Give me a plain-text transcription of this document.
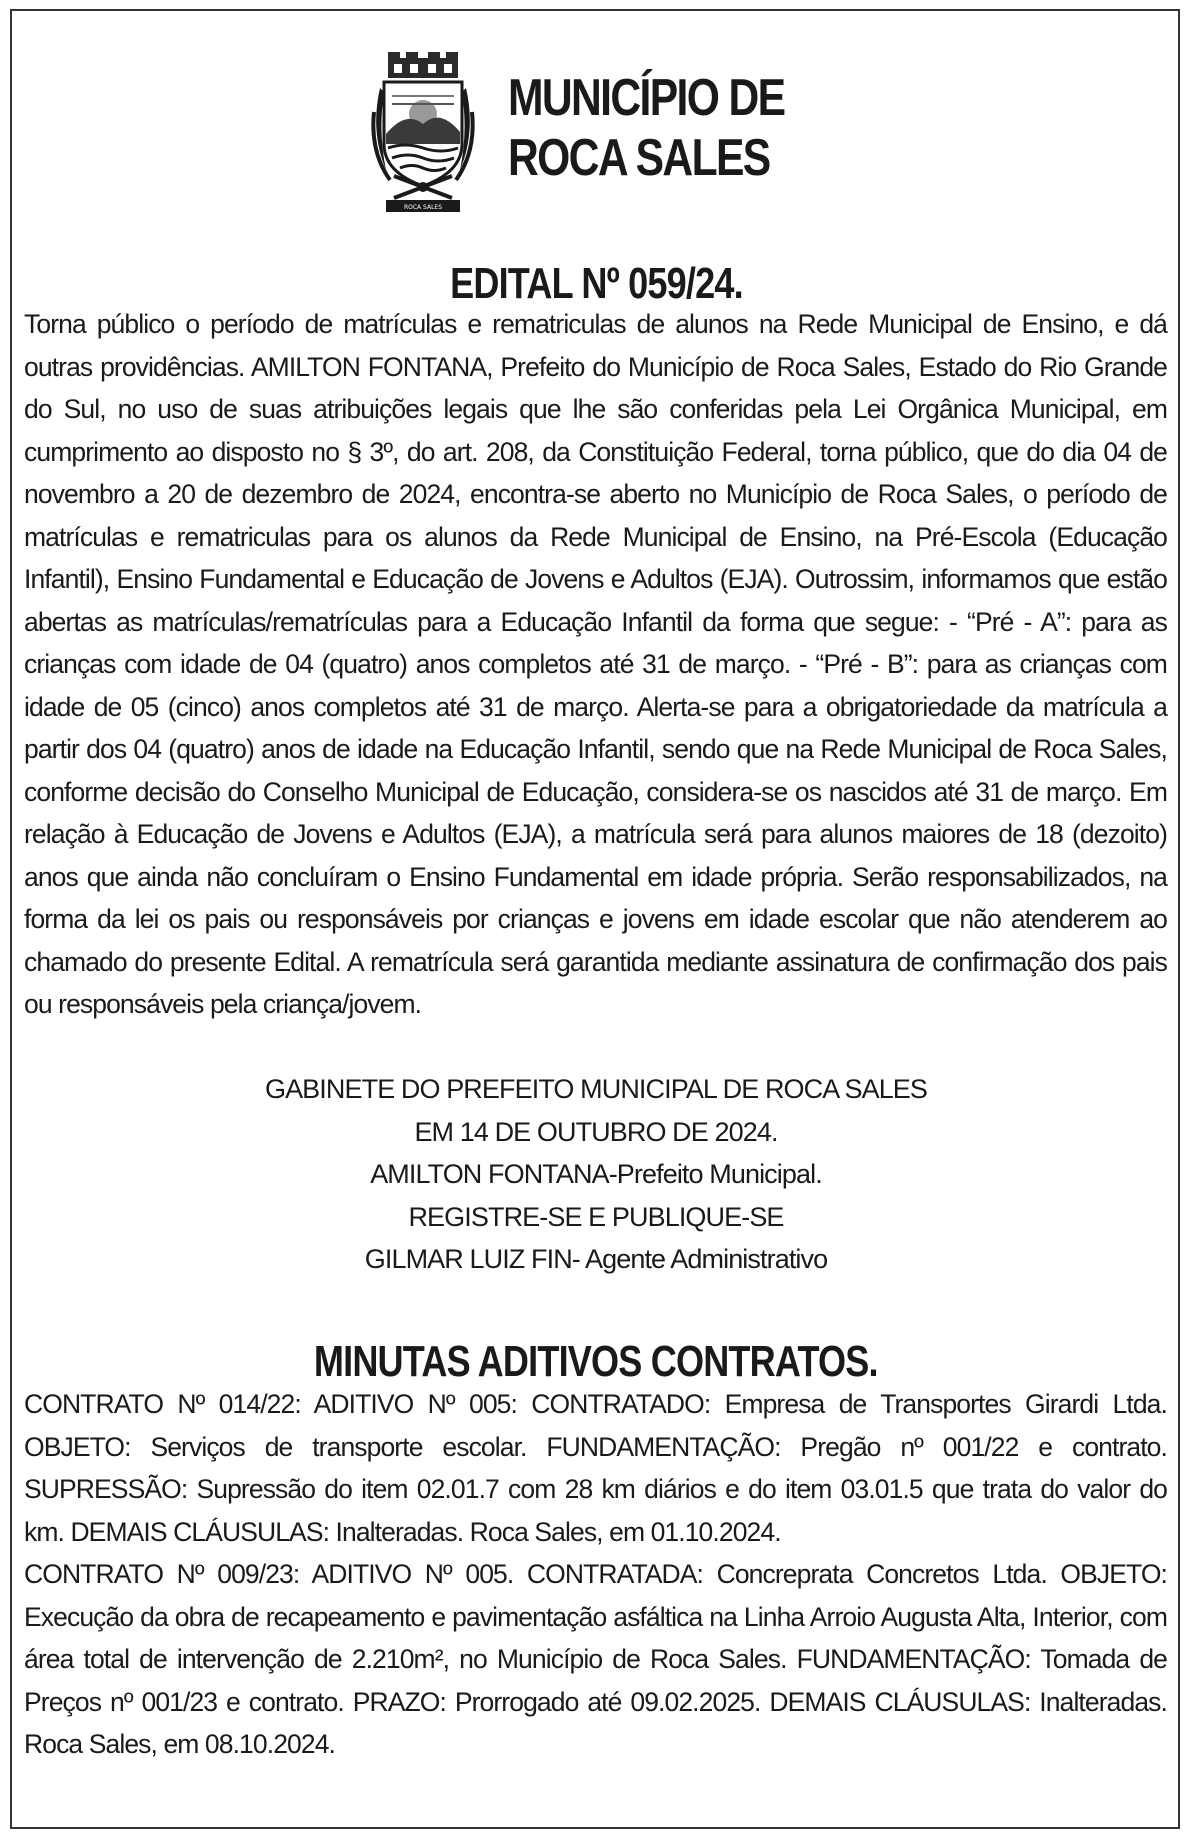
ROCA SALES
MUNICÍPIO DE
ROCA SALES
EDITAL Nº 059/24.

Torna público o período de matrículas e rematriculas de alunos na Rede Municipal de Ensino, e dá outras providências. AMILTON FONTANA, Prefeito do Município de Roca Sales, Estado do Rio Grande do Sul, no uso de suas atribuições legais que lhe são conferidas pela Lei Orgânica Municipal, em cumprimento ao disposto no § 3º, do art. 208, da Constituição Federal, torna público, que do dia 04 de novembro a 20 de dezembro de 2024, encontra-se aberto no Município de Roca Sales, o período de matrículas e rematriculas para os alunos da Rede Municipal de Ensino, na Pré-Escola (Educação Infantil), Ensino Fundamental e Educação de Jovens e Adultos (EJA). Outrossim, informamos que estão abertas as matrículas/rematrículas para a Educação Infantil da forma que segue: - “Pré - A”: para as crianças com idade de 04 (quatro) anos completos até 31 de março. - “Pré - B”: para as crianças com idade de 05 (cinco) anos completos até 31 de março. Alerta-se para a obrigatoriedade da matrícula a partir dos 04 (quatro) anos de idade na Educação Infantil, sendo que na Rede Municipal de Roca Sales, conforme decisão do Conselho Municipal de Educação, considera-se os nascidos até 31 de março. Em relação à Educação de Jovens e Adultos (EJA), a matrícula será para alunos maiores de 18 (dezoito) anos que ainda não concluíram o Ensino Fundamental em idade própria. Serão responsabilizados, na forma da lei os pais ou responsáveis por crianças e jovens em idade escolar que não atenderem ao chamado do presente Edital. A rematrícula será garantida mediante assinatura de confirmação dos pais ou responsáveis pela criança/jovem.

GABINETE DO PREFEITO MUNICIPAL DE ROCA SALES
EM 14 DE OUTUBRO DE 2024.
AMILTON FONTANA-Prefeito Municipal.
REGISTRE-SE E PUBLIQUE-SE
GILMAR LUIZ FIN- Agente Administrativo
MINUTAS ADITIVOS CONTRATOS.

CONTRATO Nº 014/22: ADITIVO Nº 005: CONTRATADO: Empresa de Transportes Girardi Ltda. OBJETO: Serviços de transporte escolar. FUNDAMENTAÇÃO: Pregão nº 001/22 e contrato. SUPRESSÃO: Supressão do item 02.01.7 com 28 km diários e do item 03.01.5 que trata do valor do km. DEMAIS CLÁUSULAS: Inalteradas. Roca Sales, em 01.10.2024.

CONTRATO Nº 009/23: ADITIVO Nº 005. CONTRATADA: Concreprata Concretos Ltda. OBJETO: Execução da obra de recapeamento e pavimentação asfáltica na Linha Arroio Augusta Alta, Interior, com área total de intervenção de 2.210m², no Município de Roca Sales. FUNDAMENTAÇÃO: Tomada de Preços nº 001/23 e contrato. PRAZO: Prorrogado até 09.02.2025. DEMAIS CLÁUSULAS: Inalteradas. Roca Sales, em 08.10.2024.
